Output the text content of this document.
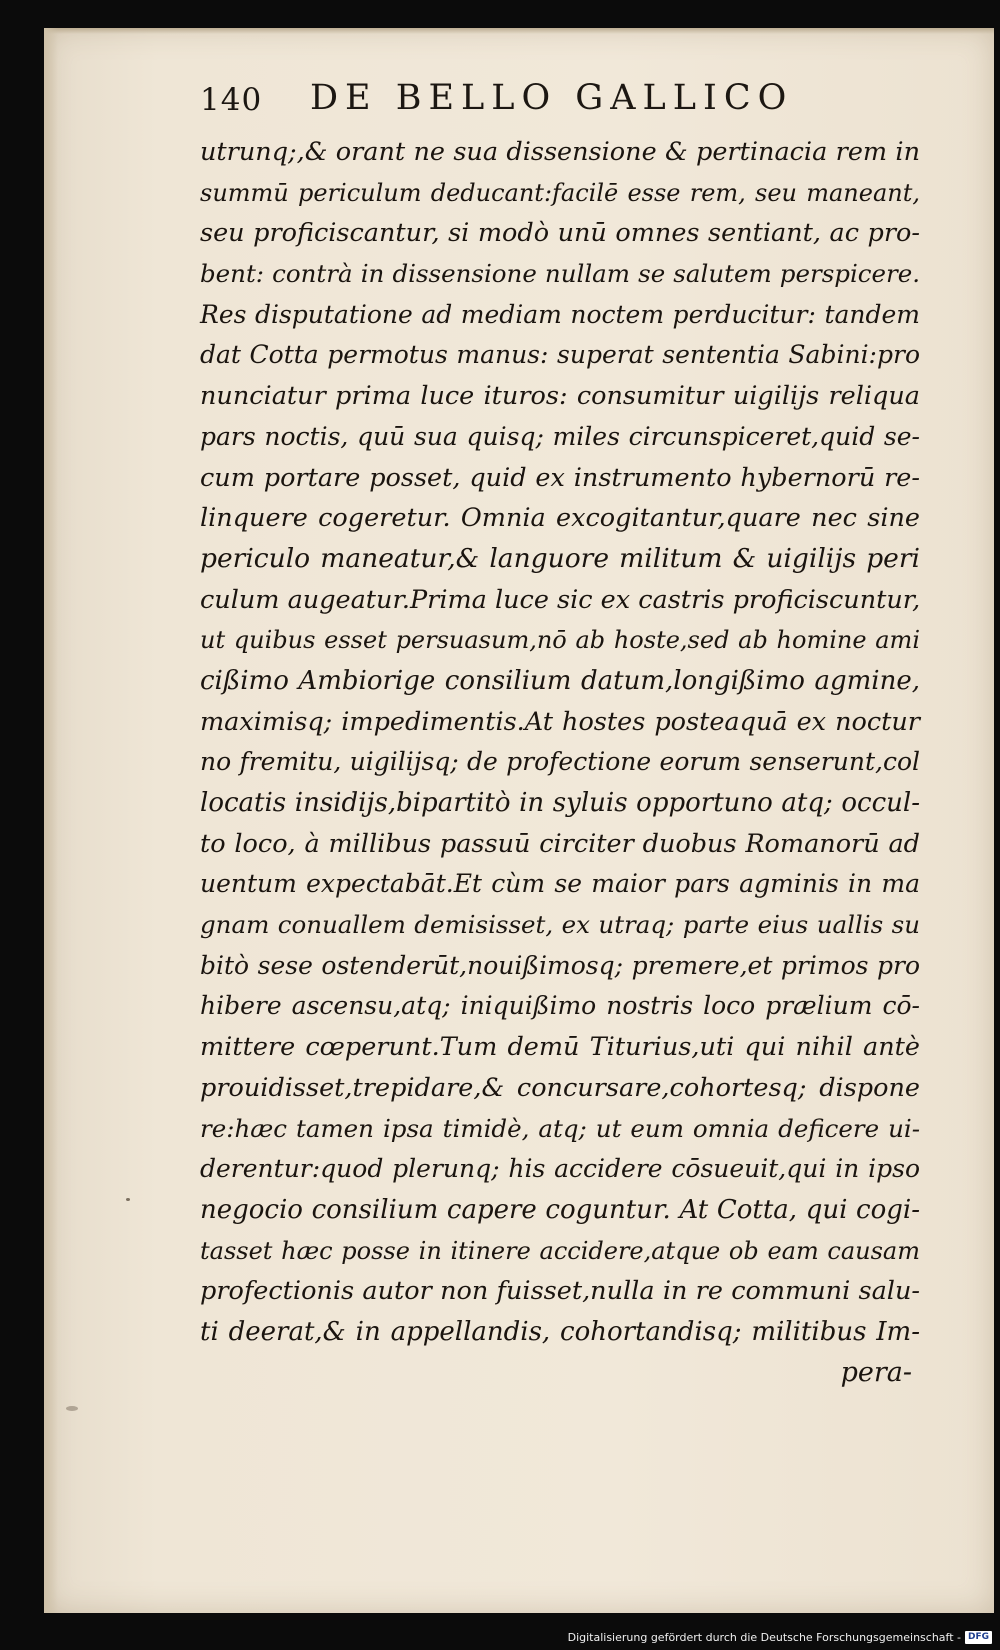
140 DE BELLO GALLICO
utrunq;,& orant ne sua dissensione & pertinacia rem in
summū periculum deducant:facilē esse rem, seu maneant,
seu proficiscantur, si modò unū omnes sentiant, ac pro-
bent: contrà in dissensione nullam se salutem perspicere.
Res disputatione ad mediam noctem perducitur: tandem
dat Cotta permotus manus: superat sententia Sabini:pro
nunciatur prima luce ituros: consumitur uigilijs reliqua
pars noctis, quū sua quisq; miles circunspiceret,quid se-
cum portare posset, quid ex instrumento hybernorū re-
linquere cogeretur. Omnia excogitantur,quare nec sine
periculo maneatur,& languore militum & uigilijs peri
culum augeatur.Prima luce sic ex castris proficiscuntur,
ut quibus esset persuasum,nō ab hoste,sed ab homine ami
cißimo Ambiorige consilium datum,longißimo agmine,
maximisq; impedimentis.At hostes posteaquā ex noctur
no fremitu, uigilijsq; de profectione eorum senserunt,col
locatis insidijs,bipartitò in syluis opportuno atq; occul-
to loco, à millibus passuū circiter duobus Romanorū ad
uentum expectabāt.Et cùm se maior pars agminis in ma
gnam conuallem demisisset, ex utraq; parte eius uallis su
bitò sese ostenderūt,nouißimosq; premere,et primos pro
hibere ascensu,atq; iniquißimo nostris loco prælium cō-
mittere cœperunt.Tum demū Titurius,uti qui nihil antè
prouidisset,trepidare,& concursare,cohortesq; dispone
re:hæc tamen ipsa timidè, atq; ut eum omnia deficere ui-
derentur:quod plerunq; his accidere cōsueuit,qui in ipso
negocio consilium capere coguntur. At Cotta, qui cogi-
tasset hæc posse in itinere accidere,atque ob eam causam
profectionis autor non fuisset,nulla in re communi salu-
ti deerat,& in appellandis, cohortandisq; militibus Im-
pera-
Digitalisierung gefördert durch die Deutsche Forschungsgemeinschaft - DFG
